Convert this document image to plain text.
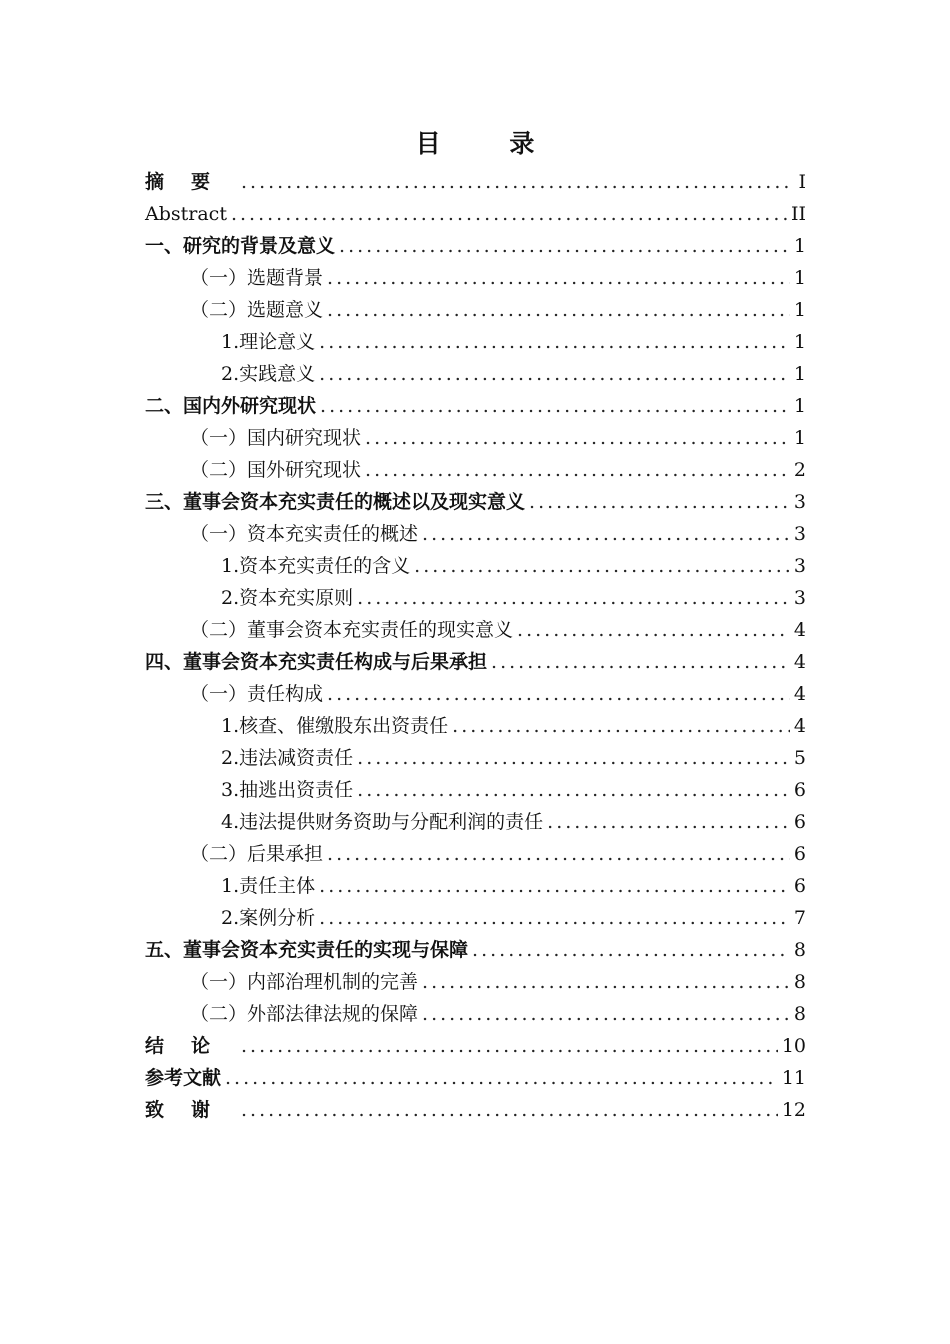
目 录
摘要 .....	I
Abstract .....	II
一、 研究的背景及意义 .....	1
（一） 选题背景 .....	1
（二） 选题意义 .....	1
1. 理论意义 .....	1
2. 实践意义 .....	1
二、 国内外研究现状 .....	1
（一） 国内研究现状 .....	1
（二） 国外研究现状 .....	2
三、 董事会资本充实责任的概述以及现实意义 .....	3
（一） 资本充实责任的概述 .....	3
1. 资本充实责任的含义 .....	3
2. 资本充实原则 .....	3
（二） 董事会资本充实责任的现实意义 .....	4
四、 董事会资本充实责任构成与后果承担 .....	4
（一） 责任构成 .....	4
1. 核查、催缴股东出资责任 .....	4
2. 违法减资责任 .....	5
3. 抽逃出资责任 .....	6
4. 违法提供财务资助与分配利润的责任 .....	6
（二） 后果承担 .....	6
1. 责任主体 .....	6
2. 案例分析 .....	7
五、 董事会资本充实责任的实现与保障 .....	8
（一） 内部治理机制的完善 .....	8
（二） 外部法律法规的保障 .....	8
结论 .....	10
参考文献 .....	11
致谢 .....	12
